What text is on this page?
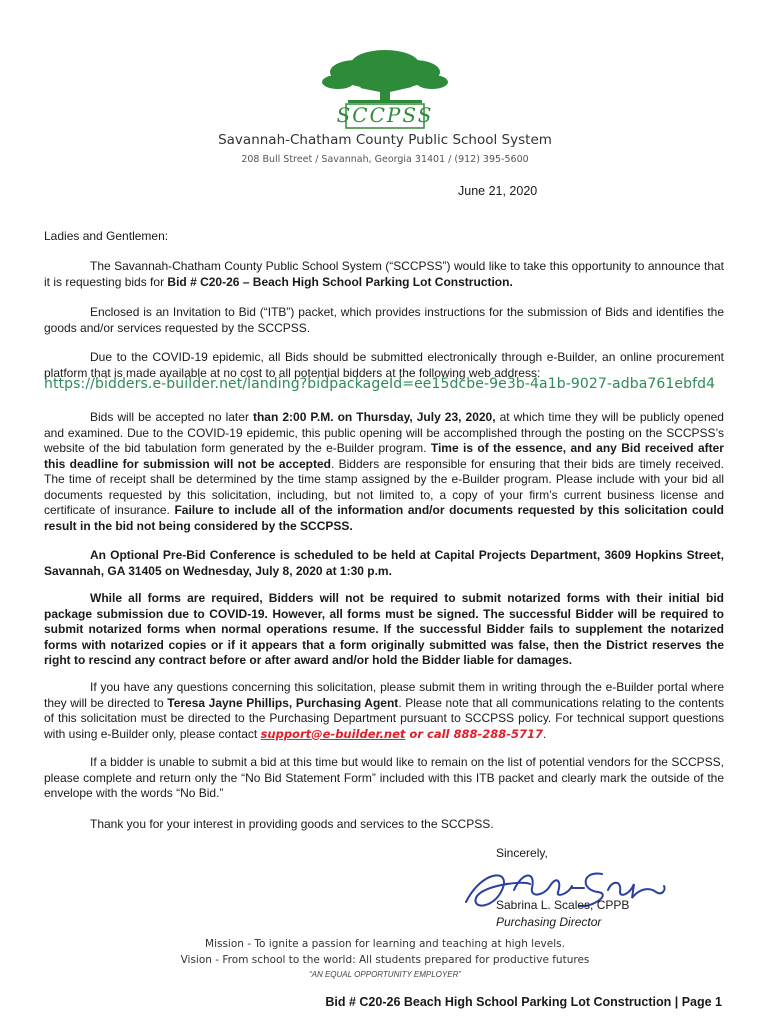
SCCPSS
Savannah-Chatham County Public School System
208 Bull Street / Savannah, Georgia 31401 / (912) 395-5600
June 21, 2020
Ladies and Gentlemen:
The Savannah-Chatham County Public School System (“SCCPSS”) would like to take this opportunity to announce that it is requesting bids for Bid # C20-26 – Beach High School Parking Lot Construction.
Enclosed is an Invitation to Bid (“ITB”) packet, which provides instructions for the submission of Bids and identifies the goods and/or services requested by the SCCPSS.
Due to the COVID-19 epidemic, all Bids should be submitted electronically through e-Builder, an online procurement platform that is made available at no cost to all potential bidders at the following web address:
https://bidders.e-builder.net/landing?bidpackageId=ee15dcbe-9e3b-4a1b-9027-adba761ebfd4
Bids will be accepted no later than 2:00 P.M. on Thursday, July 23, 2020, at which time they will be publicly opened and examined. Due to the COVID-19 epidemic, this public opening will be accomplished through the posting on the SCCPSS’s website of the bid tabulation form generated by the e-Builder program. Time is of the essence, and any Bid received after this deadline for submission will not be accepted. Bidders are responsible for ensuring that their bids are timely received. The time of receipt shall be determined by the time stamp assigned by the e-Builder program. Please include with your bid all documents requested by this solicitation, including, but not limited to, a copy of your firm’s current business license and certificate of insurance. Failure to include all of the information and/or documents requested by this solicitation could result in the bid not being considered by the SCCPSS.
An Optional Pre-Bid Conference is scheduled to be held at Capital Projects Department, 3609 Hopkins Street, Savannah, GA 31405 on Wednesday, July 8, 2020 at 1:30 p.m.
While all forms are required, Bidders will not be required to submit notarized forms with their initial bid package submission due to COVID-19. However, all forms must be signed. The successful Bidder will be required to submit notarized forms when normal operations resume. If the successful Bidder fails to supplement the notarized forms with notarized copies or if it appears that a form originally submitted was false, then the District reserves the right to rescind any contract before or after award and/or hold the Bidder liable for damages.
If you have any questions concerning this solicitation, please submit them in writing through the e-Builder portal where they will be directed to Teresa Jayne Phillips, Purchasing Agent. Please note that all communications relating to the contents of this solicitation must be directed to the Purchasing Department pursuant to SCCPSS policy. For technical support questions with using e-Builder only, please contact support@e-builder.net or call 888-288-5717.
If a bidder is unable to submit a bid at this time but would like to remain on the list of potential vendors for the SCCPSS, please complete and return only the “No Bid Statement Form” included with this ITB packet and clearly mark the outside of the envelope with the words “No Bid.”
Thank you for your interest in providing goods and services to the SCCPSS.
Sincerely,
Sabrina L. Scales, CPPB
Purchasing Director
Mission - To ignite a passion for learning and teaching at high levels.
Vision - From school to the world: All students prepared for productive futures
“AN EQUAL OPPORTUNITY EMPLOYER”
Bid # C20-26 Beach High School Parking Lot Construction | Page 1
